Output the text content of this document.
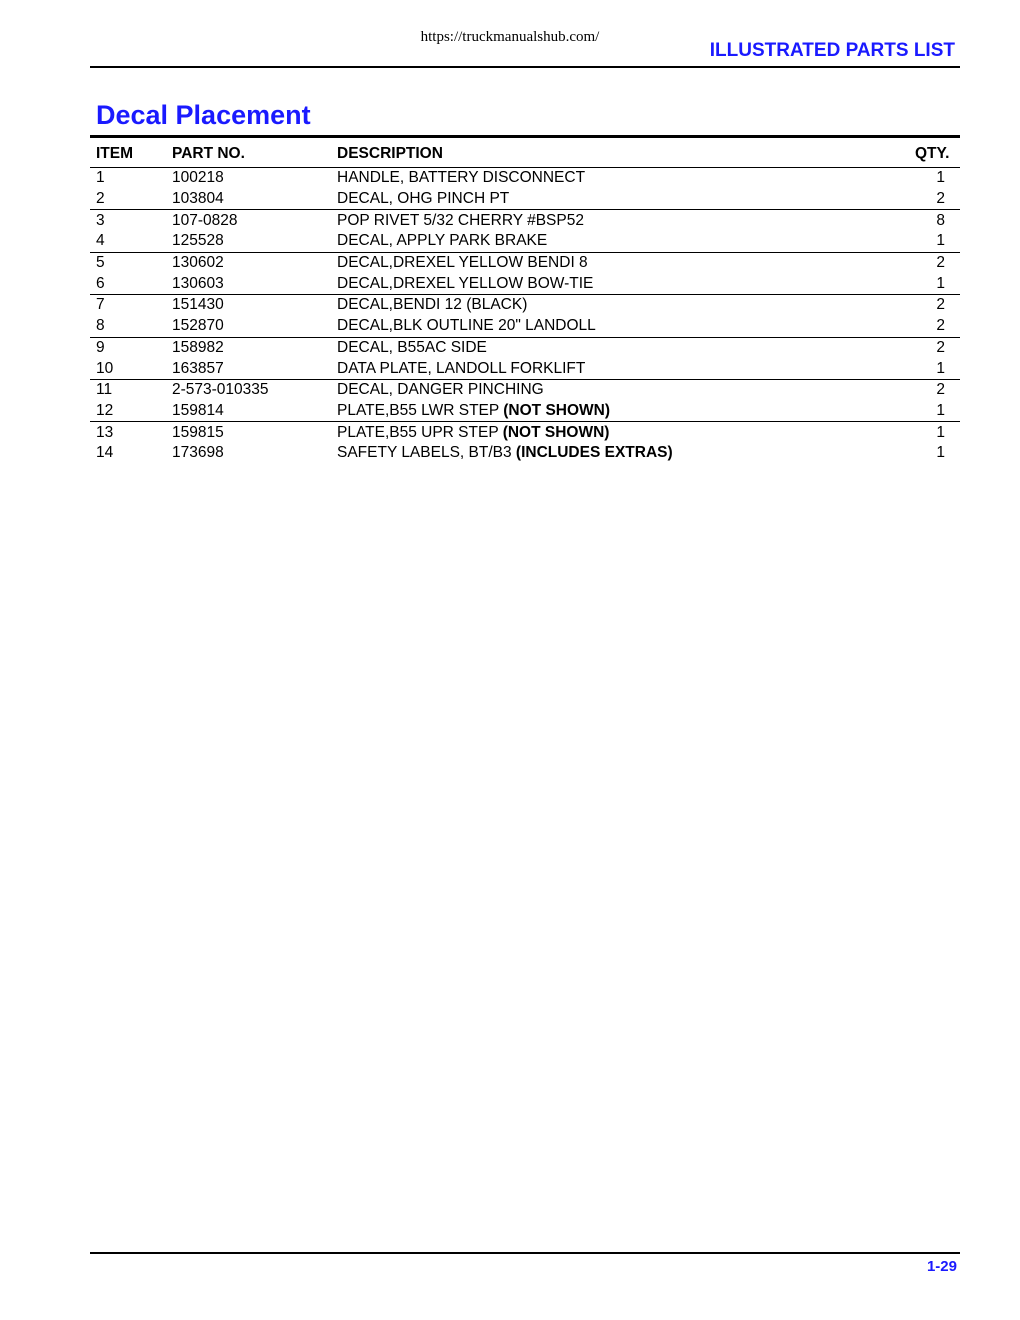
https://truckmanualshub.com/
ILLUSTRATED PARTS LIST
Decal Placement
ITEM	PART NO.	DESCRIPTION	QTY.
1	100218	HANDLE, BATTERY DISCONNECT	1
2	103804	DECAL, OHG PINCH PT	2
3	107-0828	POP RIVET 5/32 CHERRY #BSP52	8
4	125528	DECAL, APPLY PARK BRAKE	1
5	130602	DECAL,DREXEL YELLOW BENDI 8	2
6	130603	DECAL,DREXEL YELLOW BOW-TIE	1
7	151430	DECAL,BENDI 12 (BLACK)	2
8	152870	DECAL,BLK OUTLINE 20" LANDOLL	2
9	158982	DECAL, B55AC SIDE	2
10	163857	DATA PLATE, LANDOLL FORKLIFT	1
11	2-573-010335	DECAL, DANGER PINCHING	2
12	159814	PLATE,B55 LWR STEP (NOT SHOWN)	1
13	159815	PLATE,B55 UPR STEP (NOT SHOWN)	1
14	173698	SAFETY LABELS, BT/B3 (INCLUDES EXTRAS)	1
1-29
